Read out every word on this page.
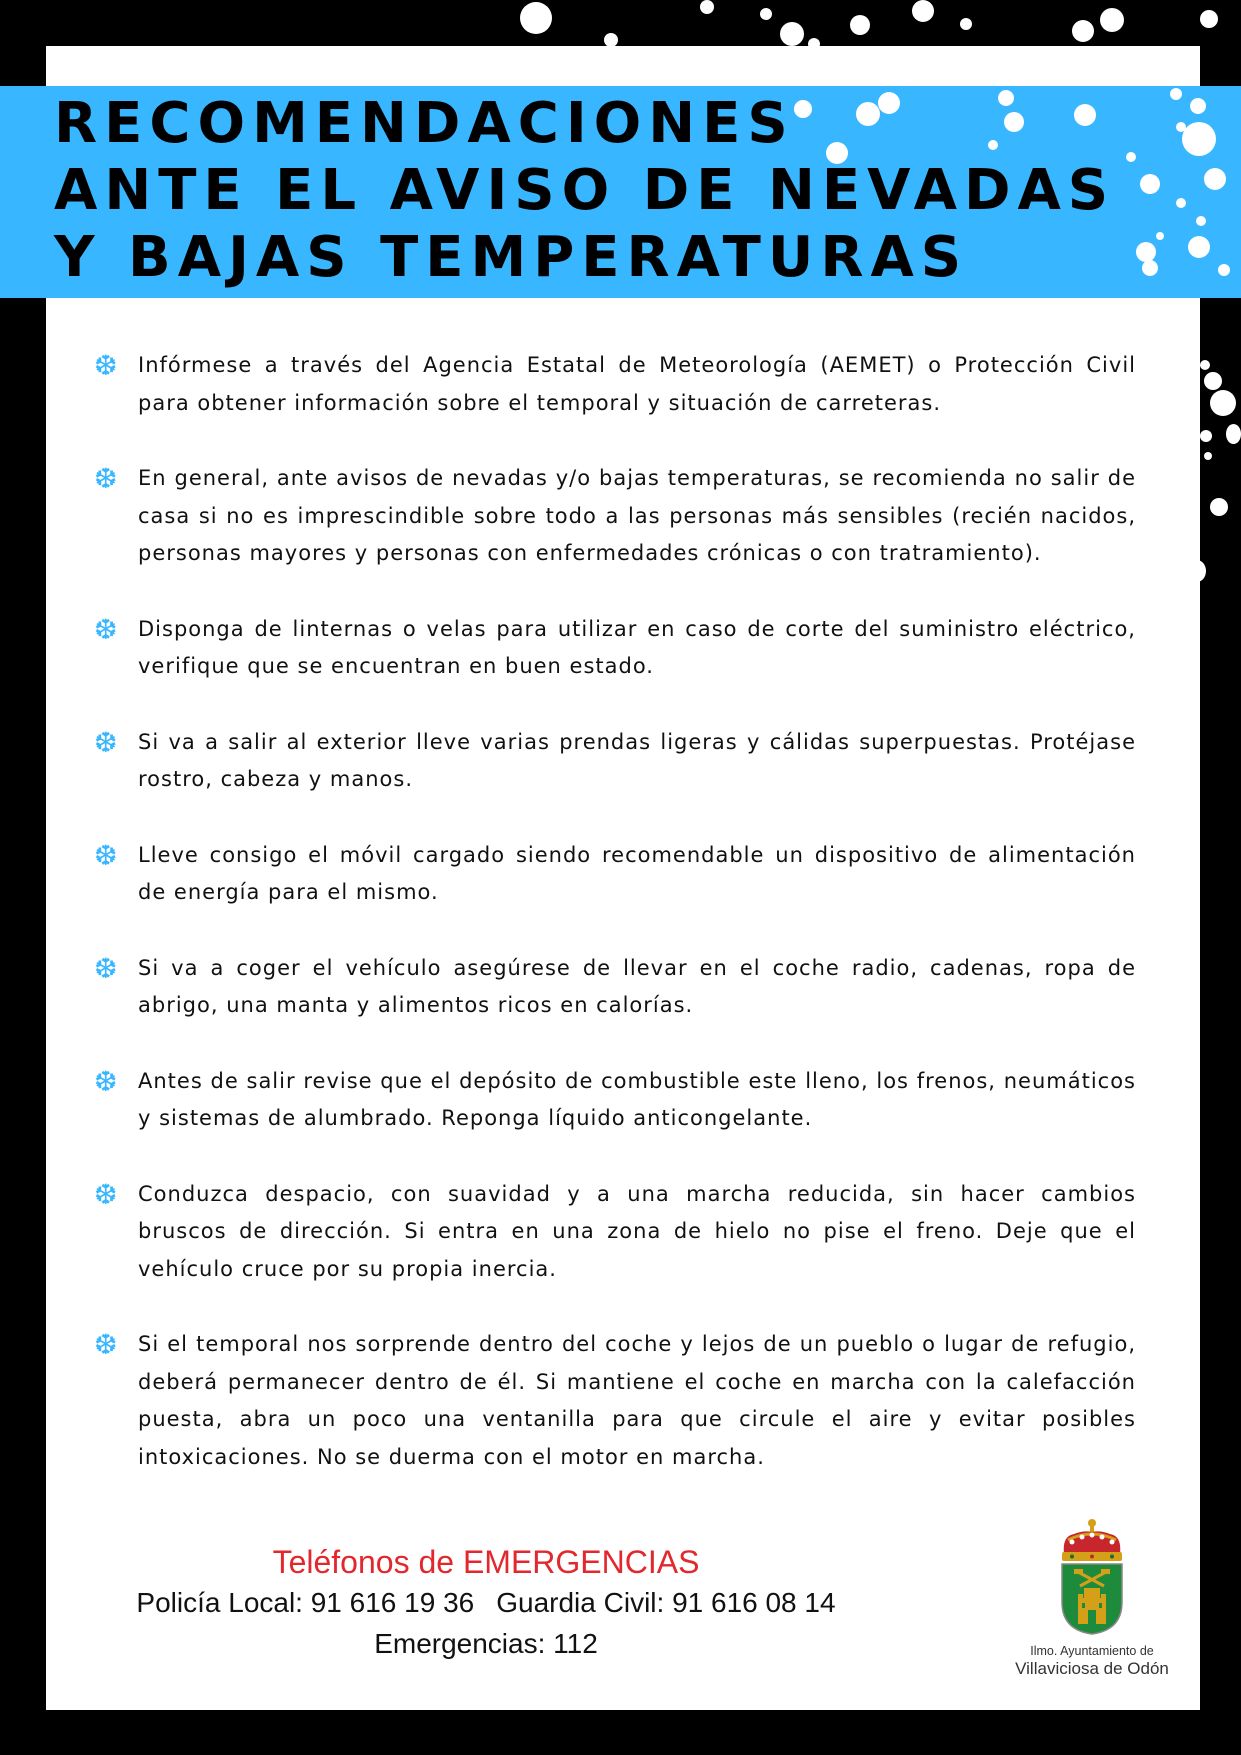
RECOMENDACIONES
ANTE EL AVISO DE NEVADAS
Y BAJAS TEMPERATURAS
❆ Infórmese a través del Agencia Estatal de Meteorología (AEMET) o Protección Civil para obtener información sobre el temporal y situación de carreteras.
❆ En general, ante avisos de nevadas y/o bajas temperaturas, se recomienda no salir de casa si no es imprescindible sobre todo a las personas más sensibles (recién nacidos, personas mayores y personas con enfermedades crónicas o con tratramiento).
❆ Disponga de linternas o velas para utilizar en caso de corte del suministro eléctrico, verifique que se encuentran en buen estado.
❆ Si va a salir al exterior lleve varias prendas ligeras y cálidas superpuestas. Protéjase rostro, cabeza y manos.
❆ Lleve consigo el móvil cargado siendo recomendable un dispositivo de alimentación de energía para el mismo.
❆ Si va a coger el vehículo asegúrese de llevar en el coche radio, cadenas, ropa de abrigo, una manta y alimentos ricos en calorías.
❆ Antes de salir revise que el depósito de combustible este lleno, los frenos, neumáticos y sistemas de alumbrado. Reponga líquido anticongelante.
❆ Conduzca despacio, con suavidad y a una marcha reducida, sin hacer cambios bruscos de dirección. Si entra en una zona de hielo no pise el freno. Deje que el vehículo cruce por su propia inercia.
❆ Si el temporal nos sorprende dentro del coche y lejos de un pueblo o lugar de refugio, deberá permanecer dentro de él. Si mantiene el coche en marcha con la calefacción puesta, abra un poco una ventanilla para que circule el aire y evitar posibles intoxicaciones. No se duerma con el motor en marcha.
Teléfonos de EMERGENCIAS
Policía Local: 91 616 19 36 Guardia Civil: 91 616 08 14
Emergencias: 112	Ilmo. Ayuntamiento de
Villaviciosa de Odón
